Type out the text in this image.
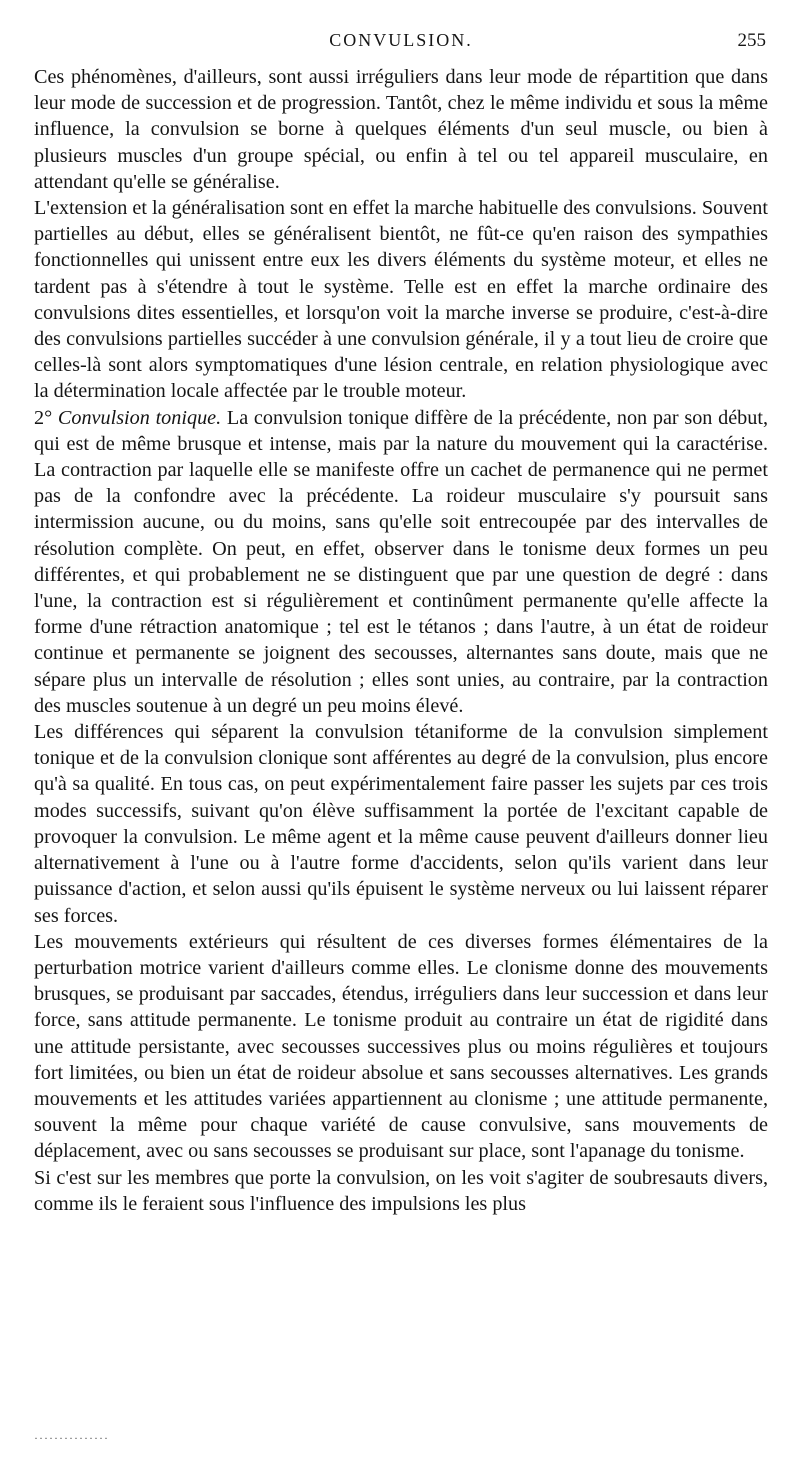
CONVULSION.	255

Ces phénomènes, d'ailleurs, sont aussi irréguliers dans leur mode de répartition que dans leur mode de succession et de progression. Tantôt, chez le même individu et sous la même influence, la convulsion se borne à quelques éléments d'un seul muscle, ou bien à plusieurs muscles d'un groupe spécial, ou enfin à tel ou tel appareil musculaire, en attendant qu'elle se généralise.

L'extension et la généralisation sont en effet la marche habituelle des convulsions. Souvent partielles au début, elles se généralisent bientôt, ne fût-ce qu'en raison des sympathies fonctionnelles qui unissent entre eux les divers éléments du système moteur, et elles ne tardent pas à s'étendre à tout le système. Telle est en effet la marche ordinaire des convulsions dites essentielles, et lorsqu'on voit la marche inverse se produire, c'est-à-dire des convulsions partielles succéder à une convulsion générale, il y a tout lieu de croire que celles-là sont alors symptomatiques d'une lésion centrale, en relation physiologique avec la détermination locale affectée par le trouble moteur.

2° Convulsion tonique. La convulsion tonique diffère de la précédente, non par son début, qui est de même brusque et intense, mais par la nature du mouvement qui la caractérise. La contraction par laquelle elle se manifeste offre un cachet de permanence qui ne permet pas de la confondre avec la précédente. La roideur musculaire s'y poursuit sans intermission aucune, ou du moins, sans qu'elle soit entrecoupée par des intervalles de résolution complète. On peut, en effet, observer dans le tonisme deux formes un peu différentes, et qui probablement ne se distinguent que par une question de degré : dans l'une, la contraction est si régulièrement et continûment permanente qu'elle affecte la forme d'une rétraction anatomique ; tel est le tétanos ; dans l'autre, à un état de roideur continue et permanente se joignent des secousses, alternantes sans doute, mais que ne sépare plus un intervalle de résolution ; elles sont unies, au contraire, par la contraction des muscles soutenue à un degré un peu moins élevé.

Les différences qui séparent la convulsion tétaniforme de la convulsion simplement tonique et de la convulsion clonique sont afférentes au degré de la convulsion, plus encore qu'à sa qualité. En tous cas, on peut expérimentalement faire passer les sujets par ces trois modes successifs, suivant qu'on élève suffisamment la portée de l'excitant capable de provoquer la convulsion. Le même agent et la même cause peuvent d'ailleurs donner lieu alternativement à l'une ou à l'autre forme d'accidents, selon qu'ils varient dans leur puissance d'action, et selon aussi qu'ils épuisent le système nerveux ou lui laissent réparer ses forces.

Les mouvements extérieurs qui résultent de ces diverses formes élémentaires de la perturbation motrice varient d'ailleurs comme elles. Le clonisme donne des mouvements brusques, se produisant par saccades, étendus, irréguliers dans leur succession et dans leur force, sans attitude permanente. Le tonisme produit au contraire un état de rigidité dans une attitude persistante, avec secousses successives plus ou moins régulières et toujours fort limitées, ou bien un état de roideur absolue et sans secousses alternatives. Les grands mouvements et les attitudes variées appartiennent au clonisme ; une attitude permanente, souvent la même pour chaque variété de cause convulsive, sans mouvements de déplacement, avec ou sans secousses se produisant sur place, sont l'apanage du tonisme.

Si c'est sur les membres que porte la convulsion, on les voit s'agiter de soubresauts divers, comme ils le feraient sous l'influence des impulsions les plus

···············
